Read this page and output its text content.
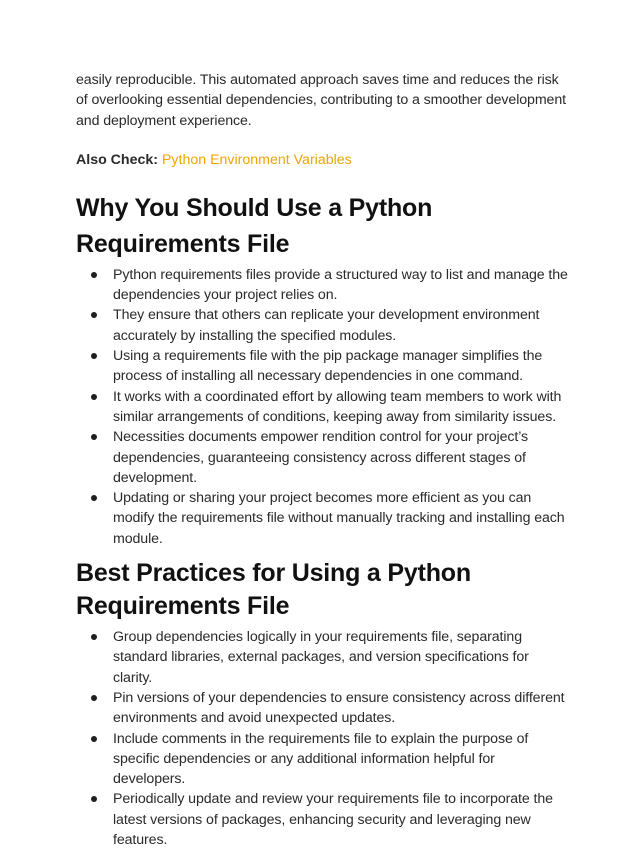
easily reproducible. This automated approach saves time and reduces the risk of overlooking essential dependencies, contributing to a smoother development and deployment experience.

Also Check: Python Environment Variables
Why You Should Use a Python Requirements File
Python requirements files provide a structured way to list and manage the dependencies your project relies on.
They ensure that others can replicate your development environment accurately by installing the specified modules.
Using a requirements file with the pip package manager simplifies the process of installing all necessary dependencies in one command.
It works with a coordinated effort by allowing team members to work with similar arrangements of conditions, keeping away from similarity issues.
Necessities documents empower rendition control for your project’s dependencies, guaranteeing consistency across different stages of development.
Updating or sharing your project becomes more efficient as you can modify the requirements file without manually tracking and installing each module.
Best Practices for Using a Python Requirements File
Group dependencies logically in your requirements file, separating standard libraries, external packages, and version specifications for clarity.
Pin versions of your dependencies to ensure consistency across different environments and avoid unexpected updates.
Include comments in the requirements file to explain the purpose of specific dependencies or any additional information helpful for developers.
Periodically update and review your requirements file to incorporate the latest versions of packages, enhancing security and leveraging new features.
